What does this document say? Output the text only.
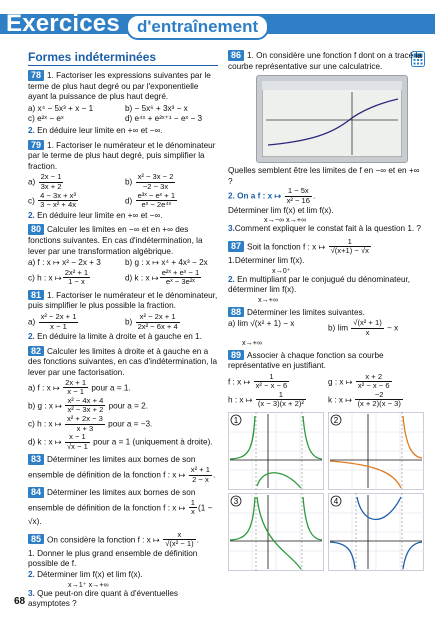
Exercices	d'entraînement
Formes indéterminées
78 1. Factoriser les expressions suivantes par le terme de plus haut degré ou par l'exponentielle ayant la puissance de plus haut degré.
a) x⁴ − 5x³ + x − 1	b) − 5x⁶ + 3x³ − x
c) e²ˣ − eˣ	d) e⁴ˣ + e²ˣ⁺¹ − eˣ − 3
2. En déduire leur limite en +∞ et −∞.
79 1. Factoriser le numérateur et le dénominateur par le terme de plus haut degré, puis simplifier la fraction.
$a) \frac{2x - 1}{3x + 2}$	$b) \frac{\text{x² − 3x − 2}}{-2 - 3x}$
$c) \frac{\text{4 − 3x + x³}}{\text{3 − x² + 4x}}$	$d) \frac{\text{e³ˣ − eˣ + 1}}{\text{eˣ − 2e⁴ˣ}}$
2. En déduire leur limite en +∞ et −∞.
80 Calculer les limites en −∞ et en +∞ des fonctions suivantes. En cas d'indétermination, la lever par une transformation algébrique.
a) f : x ↦ x² − 2x + 3	b) g : x ↦ x⁴ + 4x³ − 2x
c) h : x ↦ $\frac{\text{2x² + 1}}{1 - x}$	d) k : x ↦ $\frac{\text{e²ˣ + eˣ − 1}}{\text{eˣ − 3e²ˣ}}$
81 1. Factoriser le numérateur et le dénominateur, puis simplifier le plus possible la fraction.
$a) \frac{\text{x² − 2x + 1}}{x - 1}$	$b) \frac{\text{x² − 2x + 1}}{\text{2x² − 6x + 4}}$
2. En déduire la limite à droite et à gauche en 1.
82 Calculer les limites à droite et à gauche en a des fonctions suivantes, en cas d'indétermination, la lever par une factorisation.
a) f : x ↦ $\frac{2x + 1}{x - 1}$ pour a = 1.
b) g : x ↦ $\frac{\text{x² − 4x + 4}}{\text{x² − 3x + 2}}$ pour a = 2.
c) h : x ↦ $\frac{\text{x² + 2x − 3}}{x + 3}$ pour a = −3.
d) k : x ↦ $\frac{x - 1}{√x - 1}$ pour a = 1 (uniquement à droite).
83 Déterminer les limites aux bornes de son ensemble de définition de la fonction f : x ↦ $\frac{\text{x² + 1}}{2 - x}$ .
84 Déterminer les limites aux bornes de son ensemble de définition de la fonction f : x ↦ $\frac{1}{x} (1 - √x)$.
85 On considère la fonction f : x ↦ $\frac{x}{\text{√(x² − 1)}}$ .
1. Donner le plus grand ensemble de définition possible de f.
2. Déterminer lim f(x) et lim f(x).
x→1⁺ x→+∞
3. Que peut-on dire quant à d'éventuelles asymptotes ?
86 1. On considère une fonction f dont on a tracé la courbe représentative sur une calculatrice.
Quelles semblent être les limites de f en −∞ et en +∞ ?
2. On a f : x ↦ $\frac{1 - 5x}{\text{x² − 16}}$ .
Déterminer lim f(x) et lim f(x).
x→−∞ x→+∞
3.Comment expliquer le constat fait à la question 1. ?
87 Soit la fonction f : x ↦ $\frac{1}{√(x+1) - √x}$
1.Déterminer lim f(x).
x→0⁺
2. En multipliant par le conjugué du dénominateur, déterminer lim f(x).
x→+∞
88 Déterminer les limites suivantes.
a) lim √(x² + 1) − x	b) $\lim \frac{\text{√(x² + 1)}}{x} - x$
x→+∞
89 Associer à chaque fonction sa courbe représentative en justifiant.
f : x ↦ $\frac{1}{\text{x² − x − 6}}$	g : x ↦ $\frac{x + 2}{\text{x² − x − 6}}$
h : x ↦ $\frac{1}{\text{(x − 3)(x + 2)²}}$	k : x ↦ $\frac{-2}{(x + 2)(x - 3)}$
1	2
3	4
68
